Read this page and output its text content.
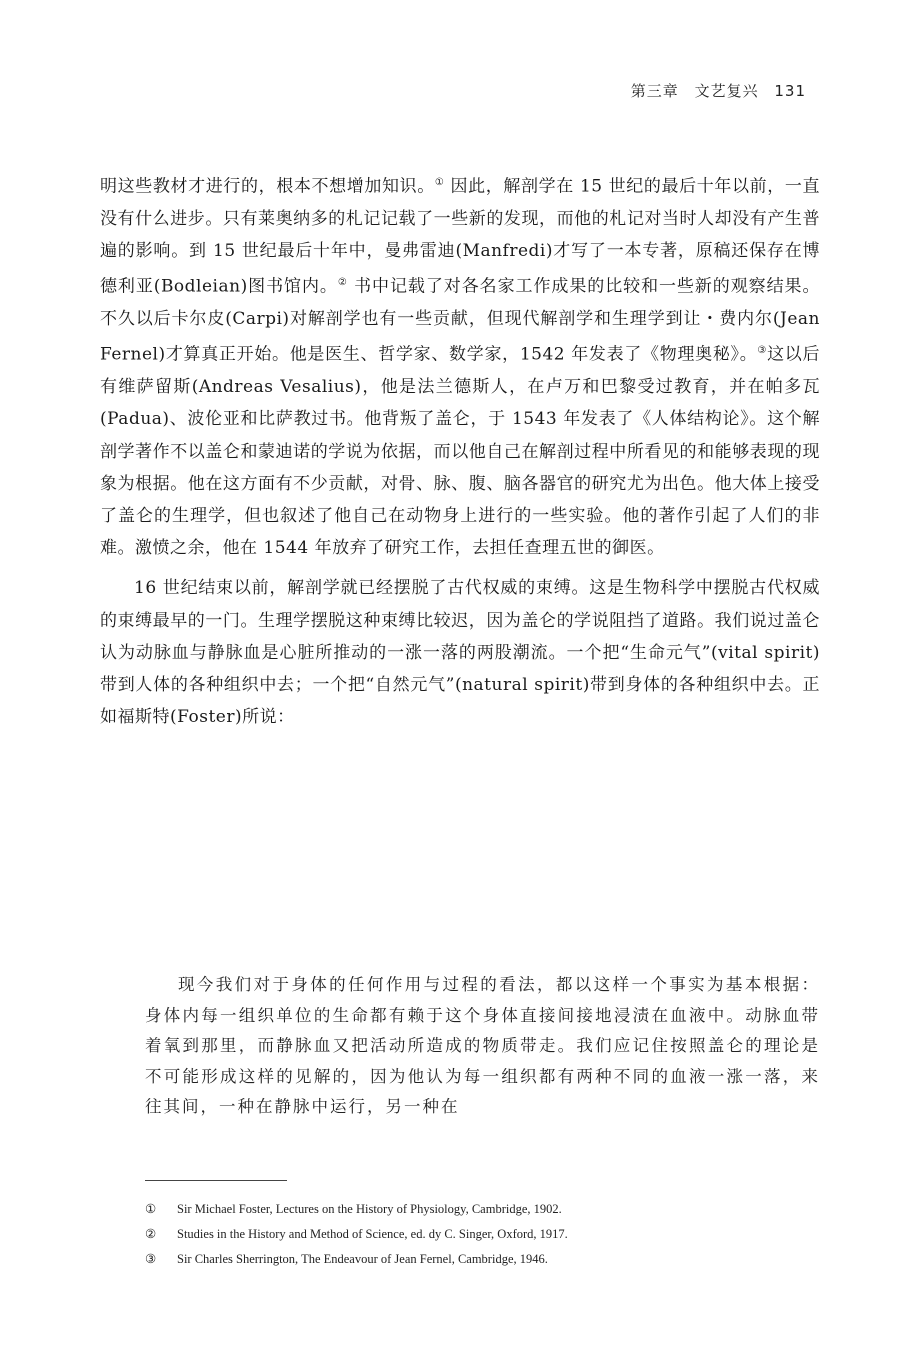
第三章 文艺复兴 131

明这些教材才进行的，根本不想增加知识。① 因此，解剖学在 15 世纪的最后十年以前，一直没有什么进步。只有莱奥纳多的札记记载了一些新的发现，而他的札记对当时人却没有产生普遍的影响。到 15 世纪最后十年中，曼弗雷迪(Manfredi)才写了一本专著，原稿还保存在博德利亚(Bodleian)图书馆内。② 书中记载了对各名家工作成果的比较和一些新的观察结果。不久以后卡尔皮(Carpi)对解剖学也有一些贡献，但现代解剖学和生理学到让・费内尔(Jean Fernel)才算真正开始。他是医生、哲学家、数学家，1542 年发表了《物理奥秘》。③这以后有维萨留斯(Andreas Vesalius)，他是法兰德斯人，在卢万和巴黎受过教育，并在帕多瓦(Padua)、波伦亚和比萨教过书。他背叛了盖仑，于 1543 年发表了《人体结构论》。这个解剖学著作不以盖仑和蒙迪诺的学说为依据，而以他自己在解剖过程中所看见的和能够表现的现象为根据。他在这方面有不少贡献，对骨、脉、腹、脑各器官的研究尤为出色。他大体上接受了盖仑的生理学，但也叙述了他自己在动物身上进行的一些实验。他的著作引起了人们的非难。激愤之余，他在 1544 年放弃了研究工作，去担任查理五世的御医。

16 世纪结束以前，解剖学就已经摆脱了古代权威的束缚。这是生物科学中摆脱古代权威的束缚最早的一门。生理学摆脱这种束缚比较迟，因为盖仑的学说阻挡了道路。我们说过盖仑认为动脉血与静脉血是心脏所推动的一涨一落的两股潮流。一个把“生命元气”(vital spirit)带到人体的各种组织中去；一个把“自然元气”(natural spirit)带到身体的各种组织中去。正如福斯特(Foster)所说：

现今我们对于身体的任何作用与过程的看法，都以这样一个事实为基本根据：身体内每一组织单位的生命都有赖于这个身体直接间接地浸渍在血液中。动脉血带着氧到那里，而静脉血又把活动所造成的物质带走。我们应记住按照盖仑的理论是不可能形成这样的见解的，因为他认为每一组织都有两种不同的血液一涨一落，来往其间，一种在静脉中运行，另一种在

① Sir Michael Foster, Lectures on the History of Physiology, Cambridge, 1902.
② Studies in the History and Method of Science, ed. dy C. Singer, Oxford, 1917.
③ Sir Charles Sherrington, The Endeavour of Jean Fernel, Cambridge, 1946.
